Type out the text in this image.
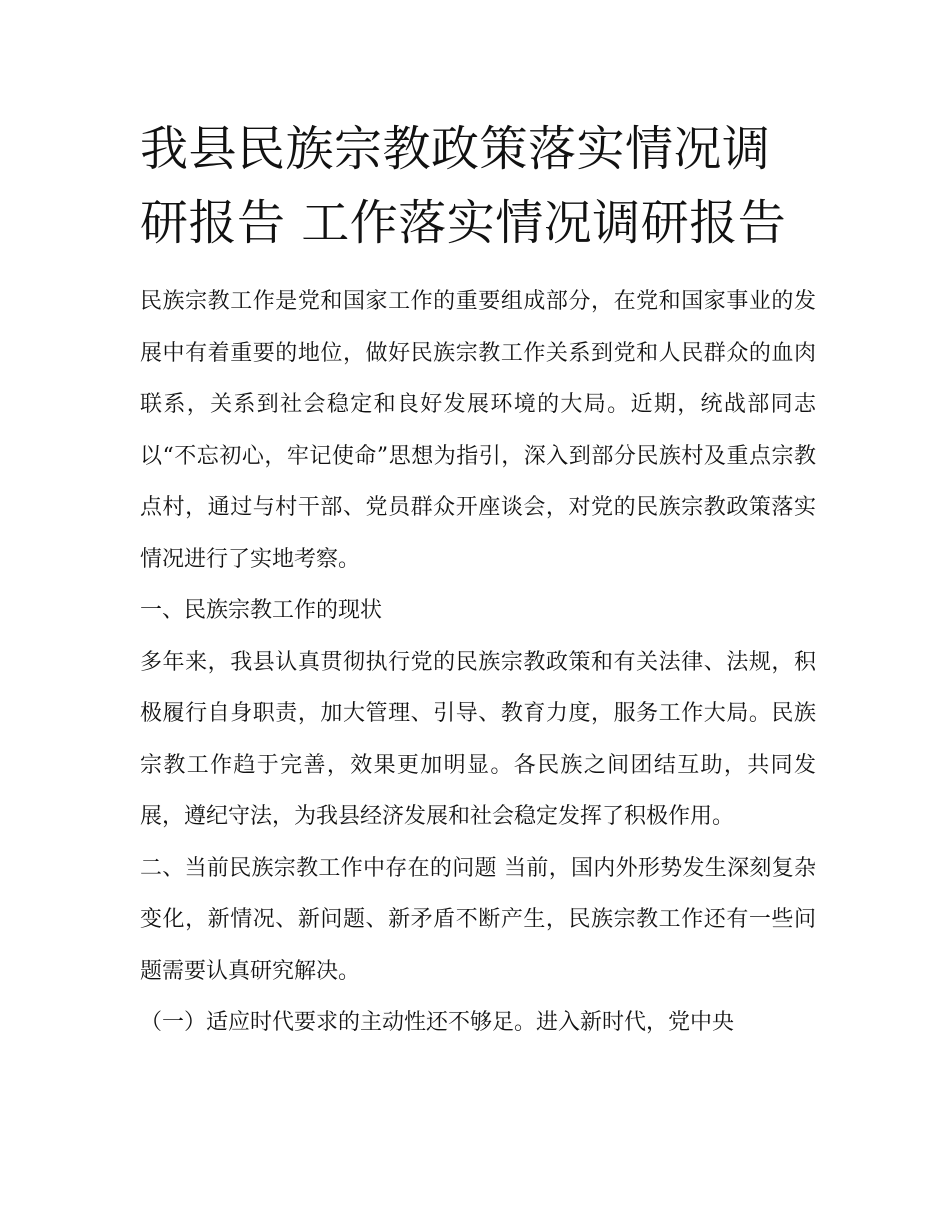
我县民族宗教政策落实情况调研报告 工作落实情况调研报告

民族宗教工作是党和国家工作的重要组成部分，在党和国家事业的发展中有着重要的地位，做好民族宗教工作关系到党和人民群众的血肉联系，关系到社会稳定和良好发展环境的大局。近期，统战部同志以“不忘初心，牢记使命”思想为指引，深入到部分民族村及重点宗教点村，通过与村干部、党员群众开座谈会，对党的民族宗教政策落实情况进行了实地考察。

一、民族宗教工作的现状

多年来，我县认真贯彻执行党的民族宗教政策和有关法律、法规，积极履行自身职责，加大管理、引导、教育力度，服务工作大局。民族宗教工作趋于完善，效果更加明显。各民族之间团结互助，共同发展，遵纪守法，为我县经济发展和社会稳定发挥了积极作用。

二、当前民族宗教工作中存在的问题 当前，国内外形势发生深刻复杂变化，新情况、新问题、新矛盾不断产生，民族宗教工作还有一些问题需要认真研究解决。

（一）适应时代要求的主动性还不够足。进入新时代，党中央
